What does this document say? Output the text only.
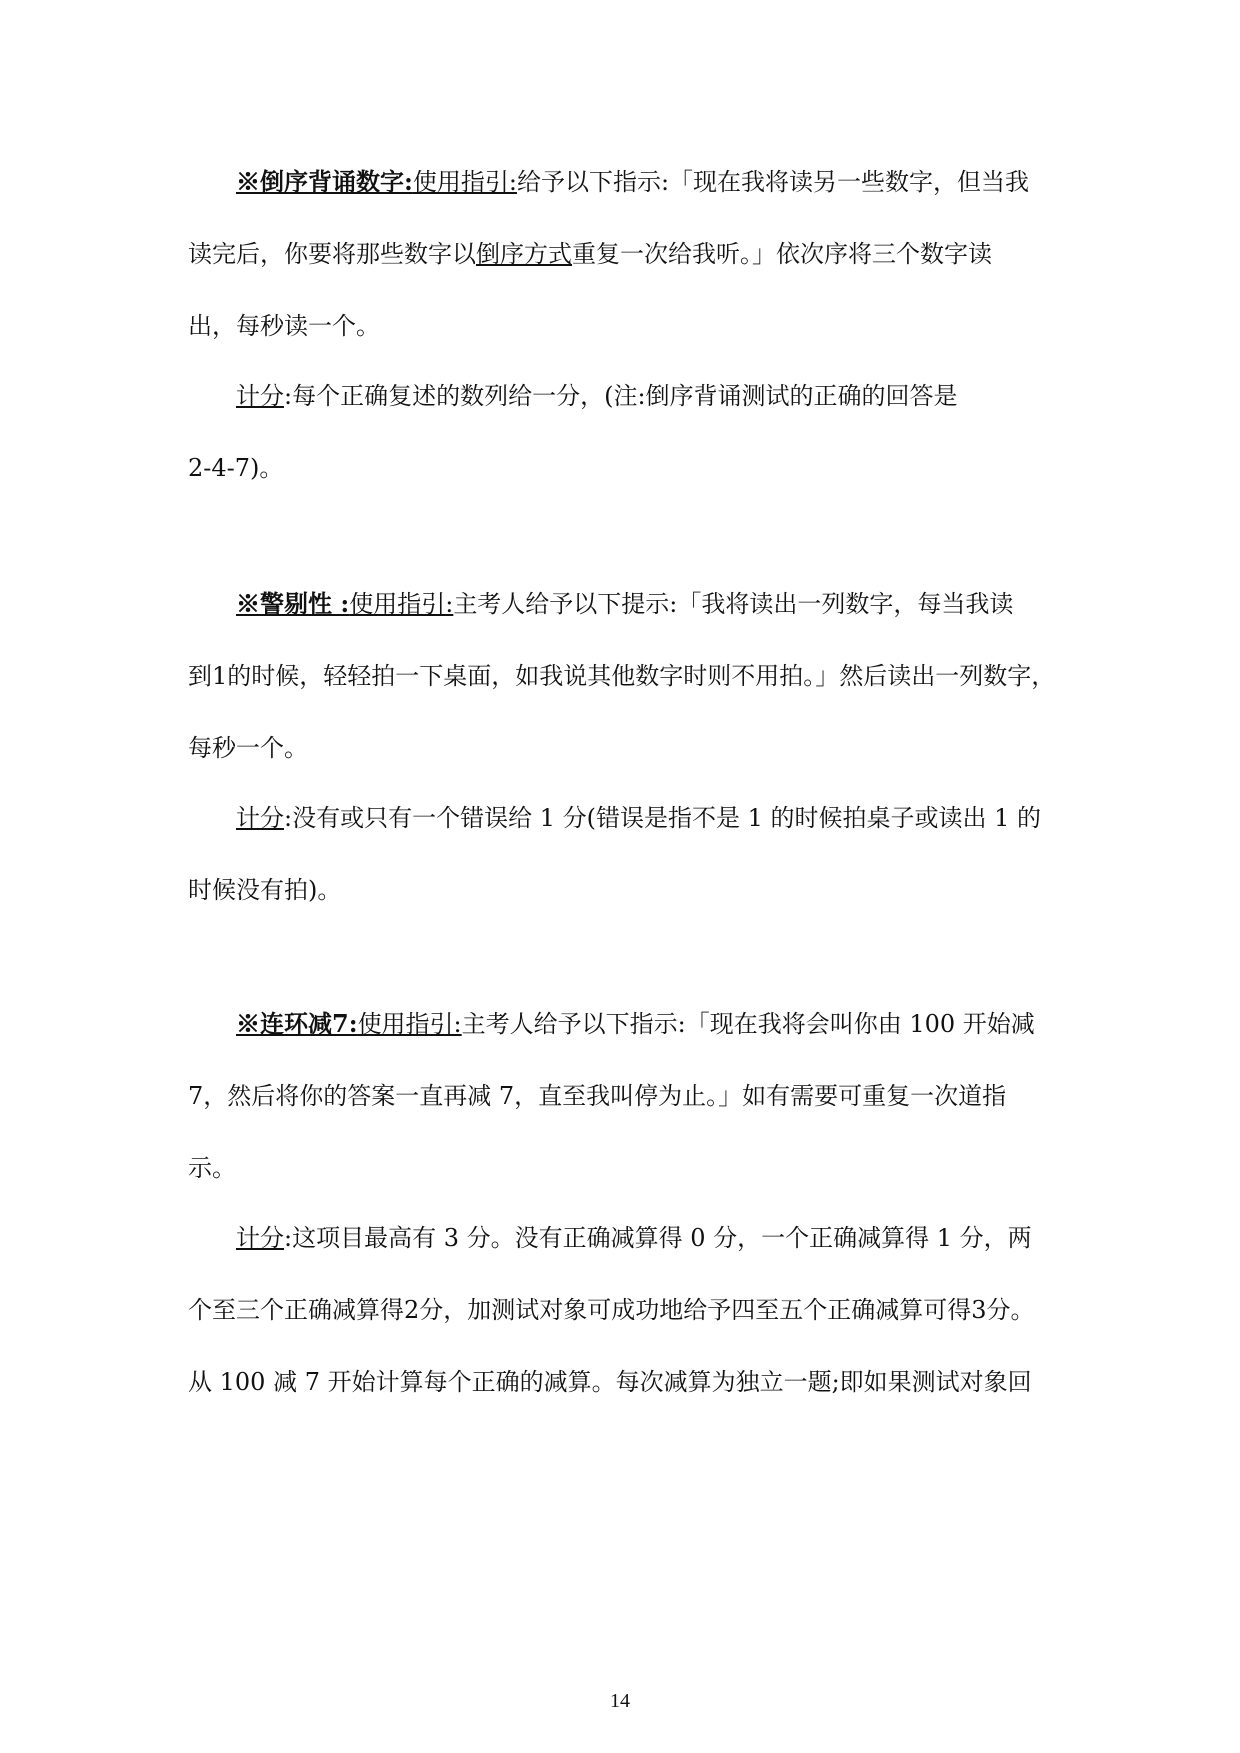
※倒序背诵数字:使用指引:给予以下指示:「现在我将读另一些数字，但当我
读完后，你要将那些数字以倒序方式重复一次给我听。」依次序将三个数字读
出，每秒读一个。
计分:每个正确复述的数列给一分，(注:倒序背诵测试的正确的回答是
2-4-7)。
※警剔性 :使用指引:主考人给予以下提示:「我将读出一列数字，每当我读
到1的时候，轻轻拍一下桌面，如我说其他数字时则不用拍。」然后读出一列数字，
每秒一个。
计分:没有或只有一个错误给 1 分(错误是指不是 1 的时候拍桌子或读出 1 的
时候没有拍)。
※连环减7:使用指引:主考人给予以下指示:「现在我将会叫你由 100 开始减
7，然后将你的答案一直再减 7，直至我叫停为止。」如有需要可重复一次道指
示。
计分:这项目最高有 3 分。没有正确减算得 0 分，一个正确减算得 1 分，两
个至三个正确减算得2分，加测试对象可成功地给予四至五个正确减算可得3分。
从 100 减 7 开始计算每个正确的减算。每次减算为独立一题;即如果测试对象回
14
